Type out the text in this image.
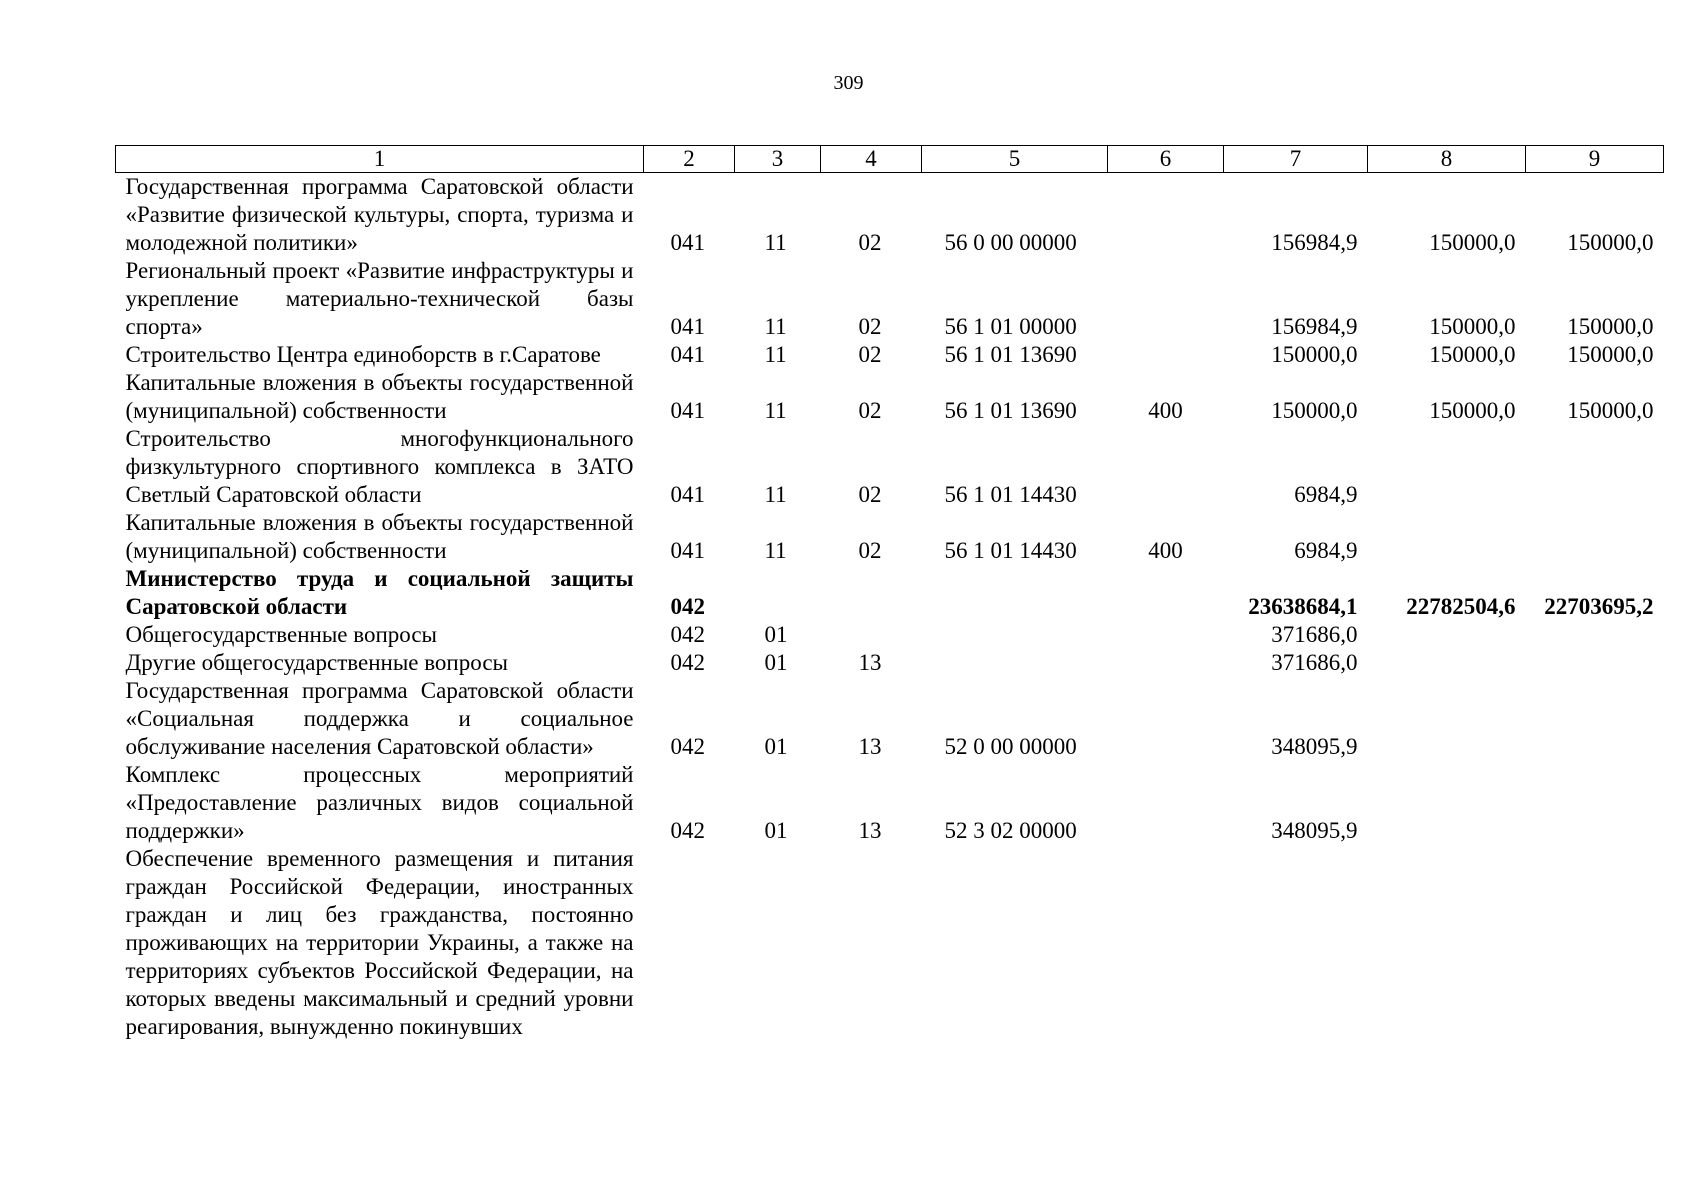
309
1	2	3	4	5	6	7	8	9
Государственная программа Саратовской области «Развитие физической культуры, спорта, туризма и молодежной политики»	041	11	02	56 0 00 00000		156984,9	150000,0	150000,0
Региональный проект «Развитие инфраструктуры и укрепление материально-технической базы спорта»	041	11	02	56 1 01 00000		156984,9	150000,0	150000,0
Строительство Центра единоборств в г.Саратове	041	11	02	56 1 01 13690		150000,0	150000,0	150000,0
Капитальные вложения в объекты государственной (муниципальной) собственности	041	11	02	56 1 01 13690	400	150000,0	150000,0	150000,0
Строительство многофункционального физкультурного спортивного комплекса в ЗАТО Светлый Саратовской области	041	11	02	56 1 01 14430		6984,9		
Капитальные вложения в объекты государственной (муниципальной) собственности	041	11	02	56 1 01 14430	400	6984,9		
Министерство труда и социальной защиты Саратовской области	042					23638684,1	22782504,6	22703695,2
Общегосударственные вопросы	042	01				371686,0		
Другие общегосударственные вопросы	042	01	13			371686,0		
Государственная программа Саратовской области «Социальная поддержка и социальное обслуживание населения Саратовской области»	042	01	13	52 0 00 00000		348095,9		
Комплекс процессных мероприятий «Предоставление различных видов социальной поддержки»	042	01	13	52 3 02 00000		348095,9		
Обеспечение временного размещения и питания граждан Российской Федерации, иностранных граждан и лиц без гражданства, постоянно проживающих на территории Украины, а также на территориях субъектов Российской Федерации, на которых введены максимальный и средний уровни реагирования, вынужденно покинувших								
